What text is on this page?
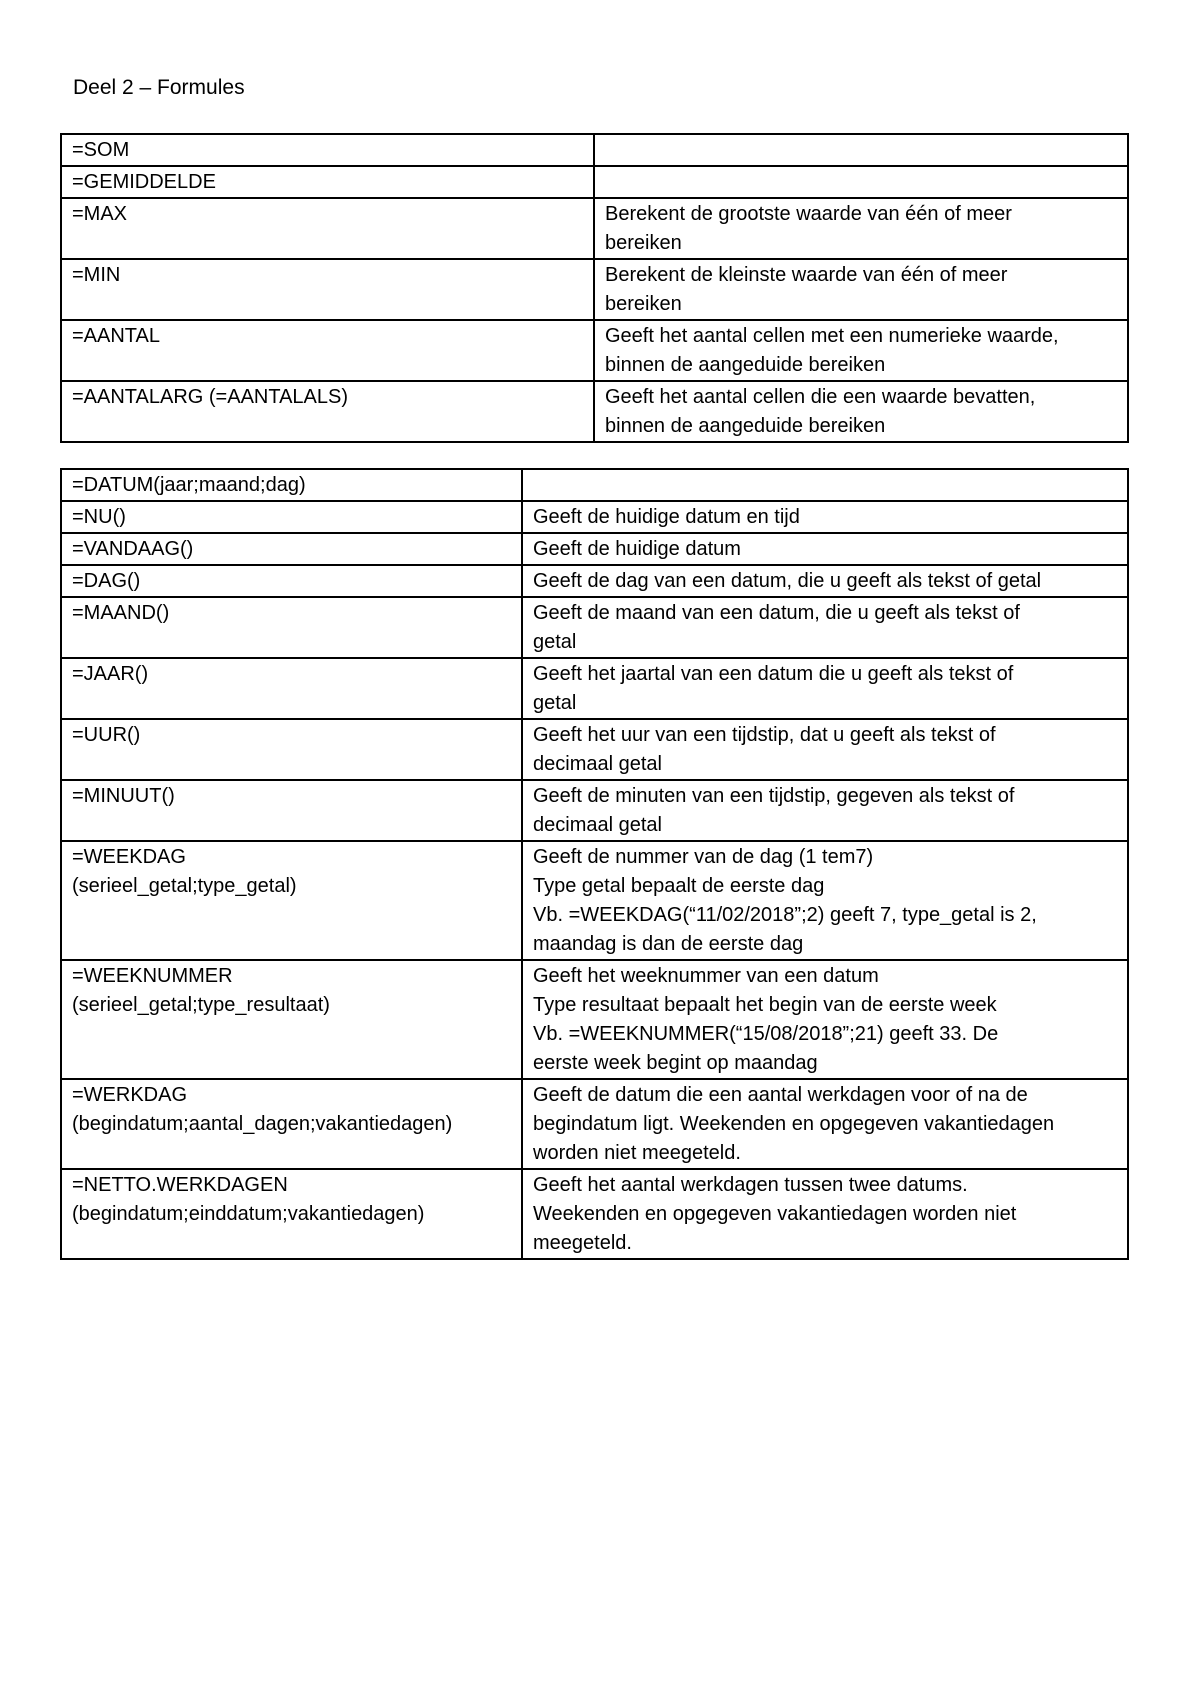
Deel 2 – Formules
=SOM	
=GEMIDDELDE	
=MAX	Berekent de grootste waarde van één of meer
bereiken
=MIN	Berekent de kleinste waarde van één of meer
bereiken
=AANTAL	Geeft het aantal cellen met een numerieke waarde,
binnen de aangeduide bereiken
=AANTALARG (=AANTALALS)	Geeft het aantal cellen die een waarde bevatten,
binnen de aangeduide bereiken
=DATUM(jaar;maand;dag)	
=NU()	Geeft de huidige datum en tijd
=VANDAAG()	Geeft de huidige datum
=DAG()	Geeft de dag van een datum, die u geeft als tekst of getal
=MAAND()	Geeft de maand van een datum, die u geeft als tekst of
getal
=JAAR()	Geeft het jaartal van een datum die u geeft als tekst of
getal
=UUR()	Geeft het uur van een tijdstip, dat u geeft als tekst of
decimaal getal
=MINUUT()	Geeft de minuten van een tijdstip, gegeven als tekst of
decimaal getal
=WEEKDAG
(serieel_getal;type_getal)	Geeft de nummer van de dag (1 tem7)
Type getal bepaalt de eerste dag
Vb. =WEEKDAG(“11/02/2018”;2) geeft 7, type_getal is 2,
maandag is dan de eerste dag
=WEEKNUMMER
(serieel_getal;type_resultaat)	Geeft het weeknummer van een datum
Type resultaat bepaalt het begin van de eerste week
Vb. =WEEKNUMMER(“15/08/2018”;21) geeft 33. De
eerste week begint op maandag
=WERKDAG
(begindatum;aantal_dagen;vakantiedagen)	Geeft de datum die een aantal werkdagen voor of na de
begindatum ligt. Weekenden en opgegeven vakantiedagen
worden niet meegeteld.
=NETTO.WERKDAGEN
(begindatum;einddatum;vakantiedagen)	Geeft het aantal werkdagen tussen twee datums.
Weekenden en opgegeven vakantiedagen worden niet
meegeteld.
